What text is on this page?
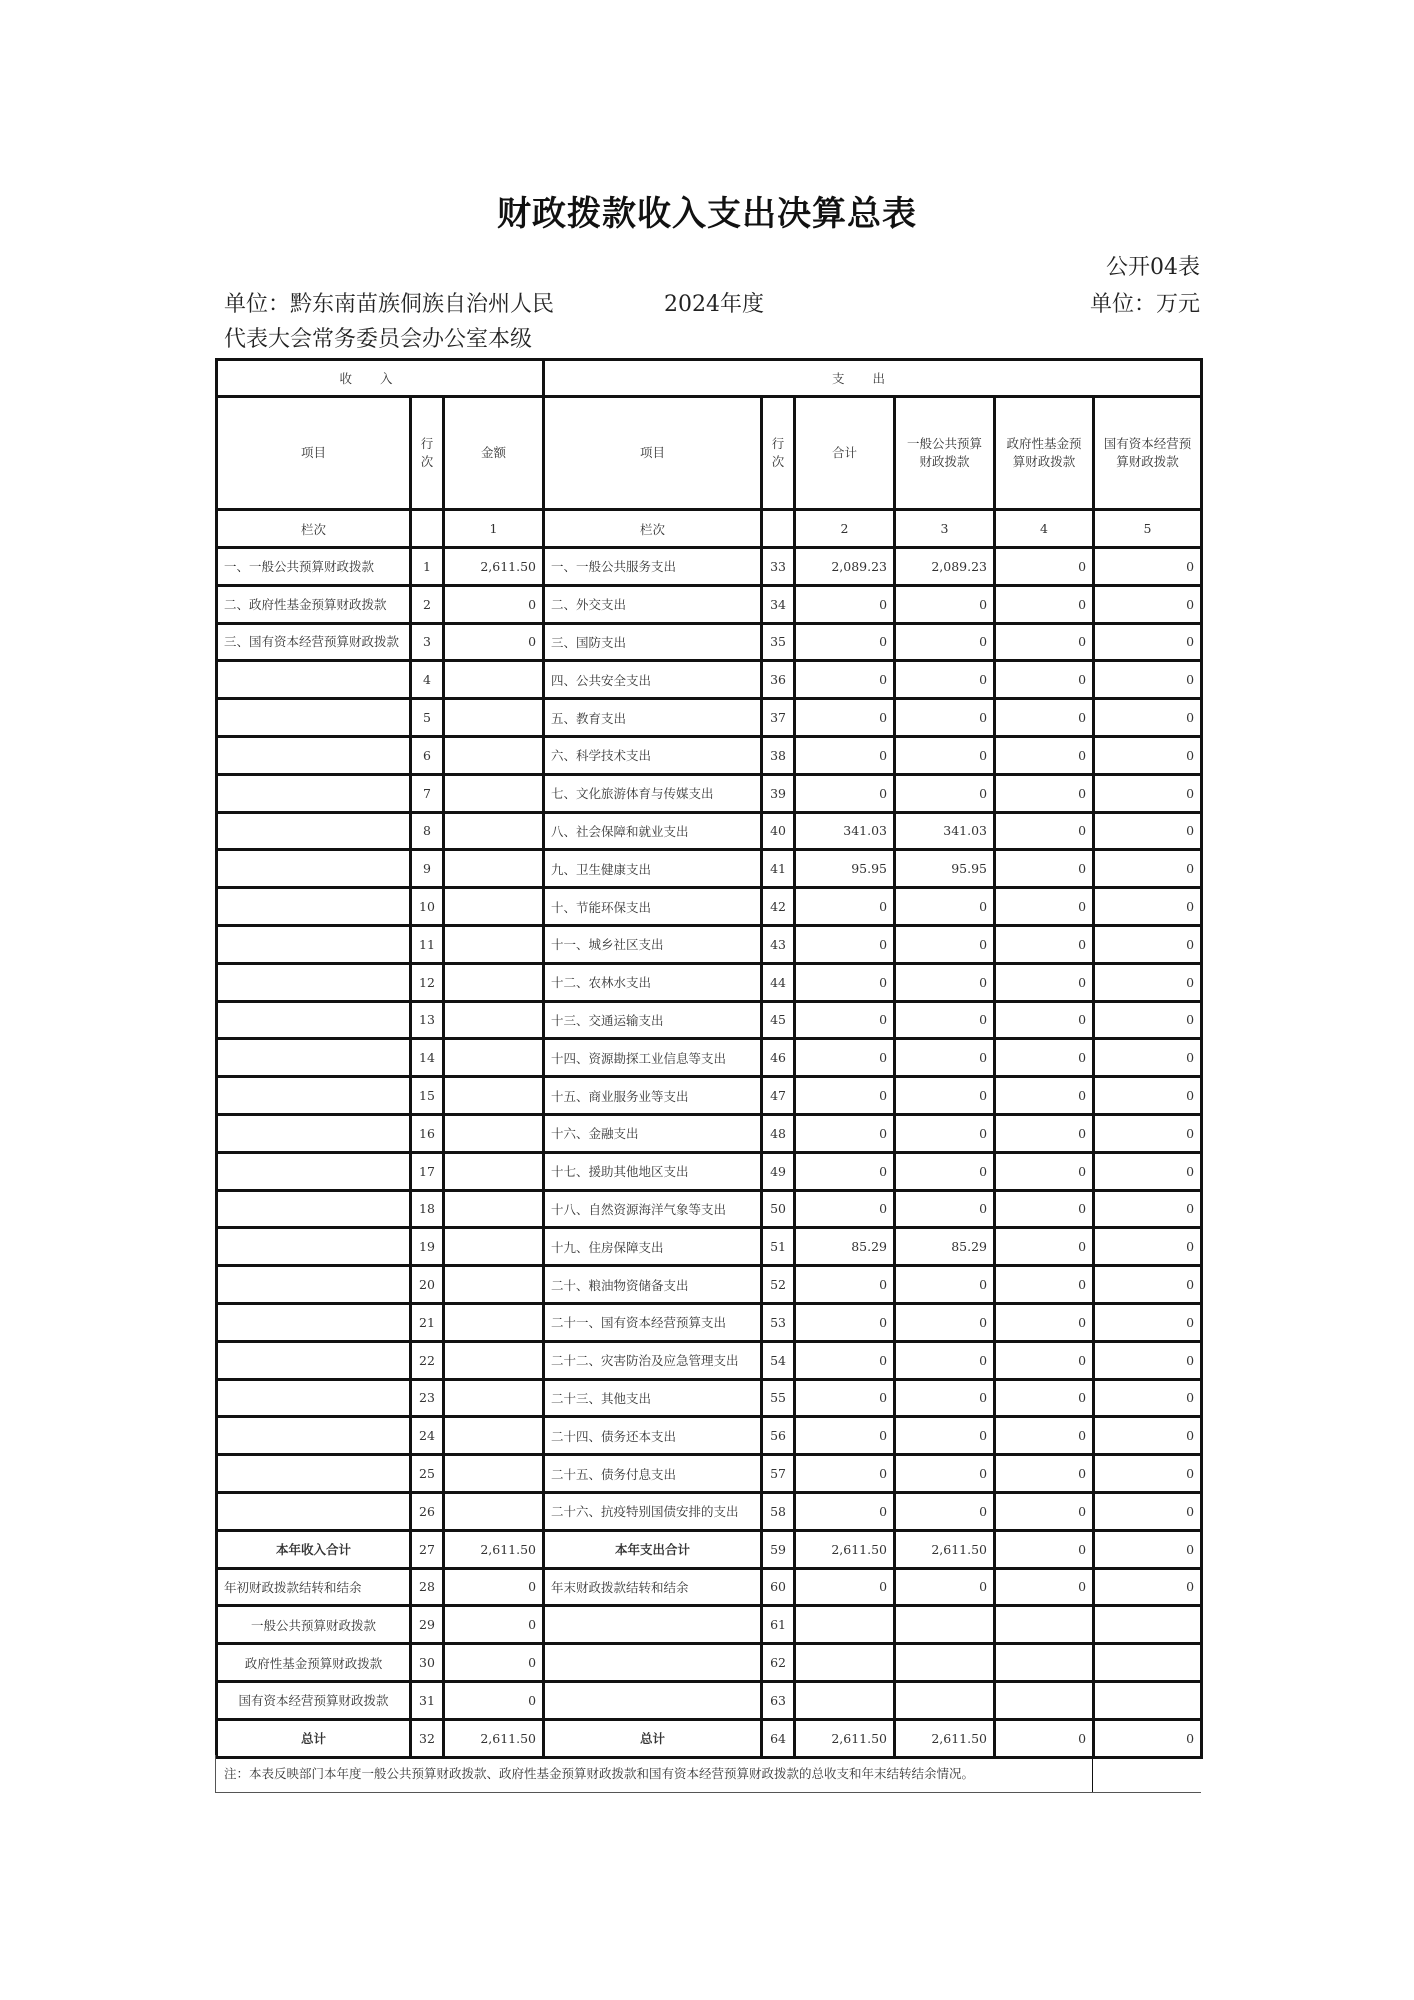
财政拨款收入支出决算总表
公开04表
单位：黔东南苗族侗族自治州人民
代表大会常务委员会办公室本级
2024年度	单位：万元
收入			支出					
项目	行次	金额	项目	行次	合计	一般公共预算财政拨款	政府性基金预算财政拨款	国有资本经营预算财政拨款
栏次		1	栏次		2	3	4	5
一、一般公共预算财政拨款	1	2,611.50	一、一般公共服务支出	33	2,089.23	2,089.23	0	0
二、政府性基金预算财政拨款	2	0	二、外交支出	34	0	0	0	0
三、国有资本经营预算财政拨款	3	0	三、国防支出	35	0	0	0	0
	4		四、公共安全支出	36	0	0	0	0
	5		五、教育支出	37	0	0	0	0
	6		六、科学技术支出	38	0	0	0	0
	7		七、文化旅游体育与传媒支出	39	0	0	0	0
	8		八、社会保障和就业支出	40	341.03	341.03	0	0
	9		九、卫生健康支出	41	95.95	95.95	0	0
	10		十、节能环保支出	42	0	0	0	0
	11		十一、城乡社区支出	43	0	0	0	0
	12		十二、农林水支出	44	0	0	0	0
	13		十三、交通运输支出	45	0	0	0	0
	14		十四、资源勘探工业信息等支出	46	0	0	0	0
	15		十五、商业服务业等支出	47	0	0	0	0
	16		十六、金融支出	48	0	0	0	0
	17		十七、援助其他地区支出	49	0	0	0	0
	18		十八、自然资源海洋气象等支出	50	0	0	0	0
	19		十九、住房保障支出	51	85.29	85.29	0	0
	20		二十、粮油物资储备支出	52	0	0	0	0
	21		二十一、国有资本经营预算支出	53	0	0	0	0
	22		二十二、灾害防治及应急管理支出	54	0	0	0	0
	23		二十三、其他支出	55	0	0	0	0
	24		二十四、债务还本支出	56	0	0	0	0
	25		二十五、债务付息支出	57	0	0	0	0
	26		二十六、抗疫特别国债安排的支出	58	0	0	0	0
本年收入合计	27	2,611.50	本年支出合计	59	2,611.50	2,611.50	0	0
年初财政拨款结转和结余	28	0	年末财政拨款结转和结余	60	0	0	0	0
一般公共预算财政拨款	29	0		61				
政府性基金预算财政拨款	30	0		62				
国有资本经营预算财政拨款	31	0		63				
总计	32	2,611.50	总计	64	2,611.50	2,611.50	0	0
注：本表反映部门本年度一般公共预算财政拨款、政府性基金预算财政拨款和国有资本经营预算财政拨款的总收支和年末结转结余情况。	
